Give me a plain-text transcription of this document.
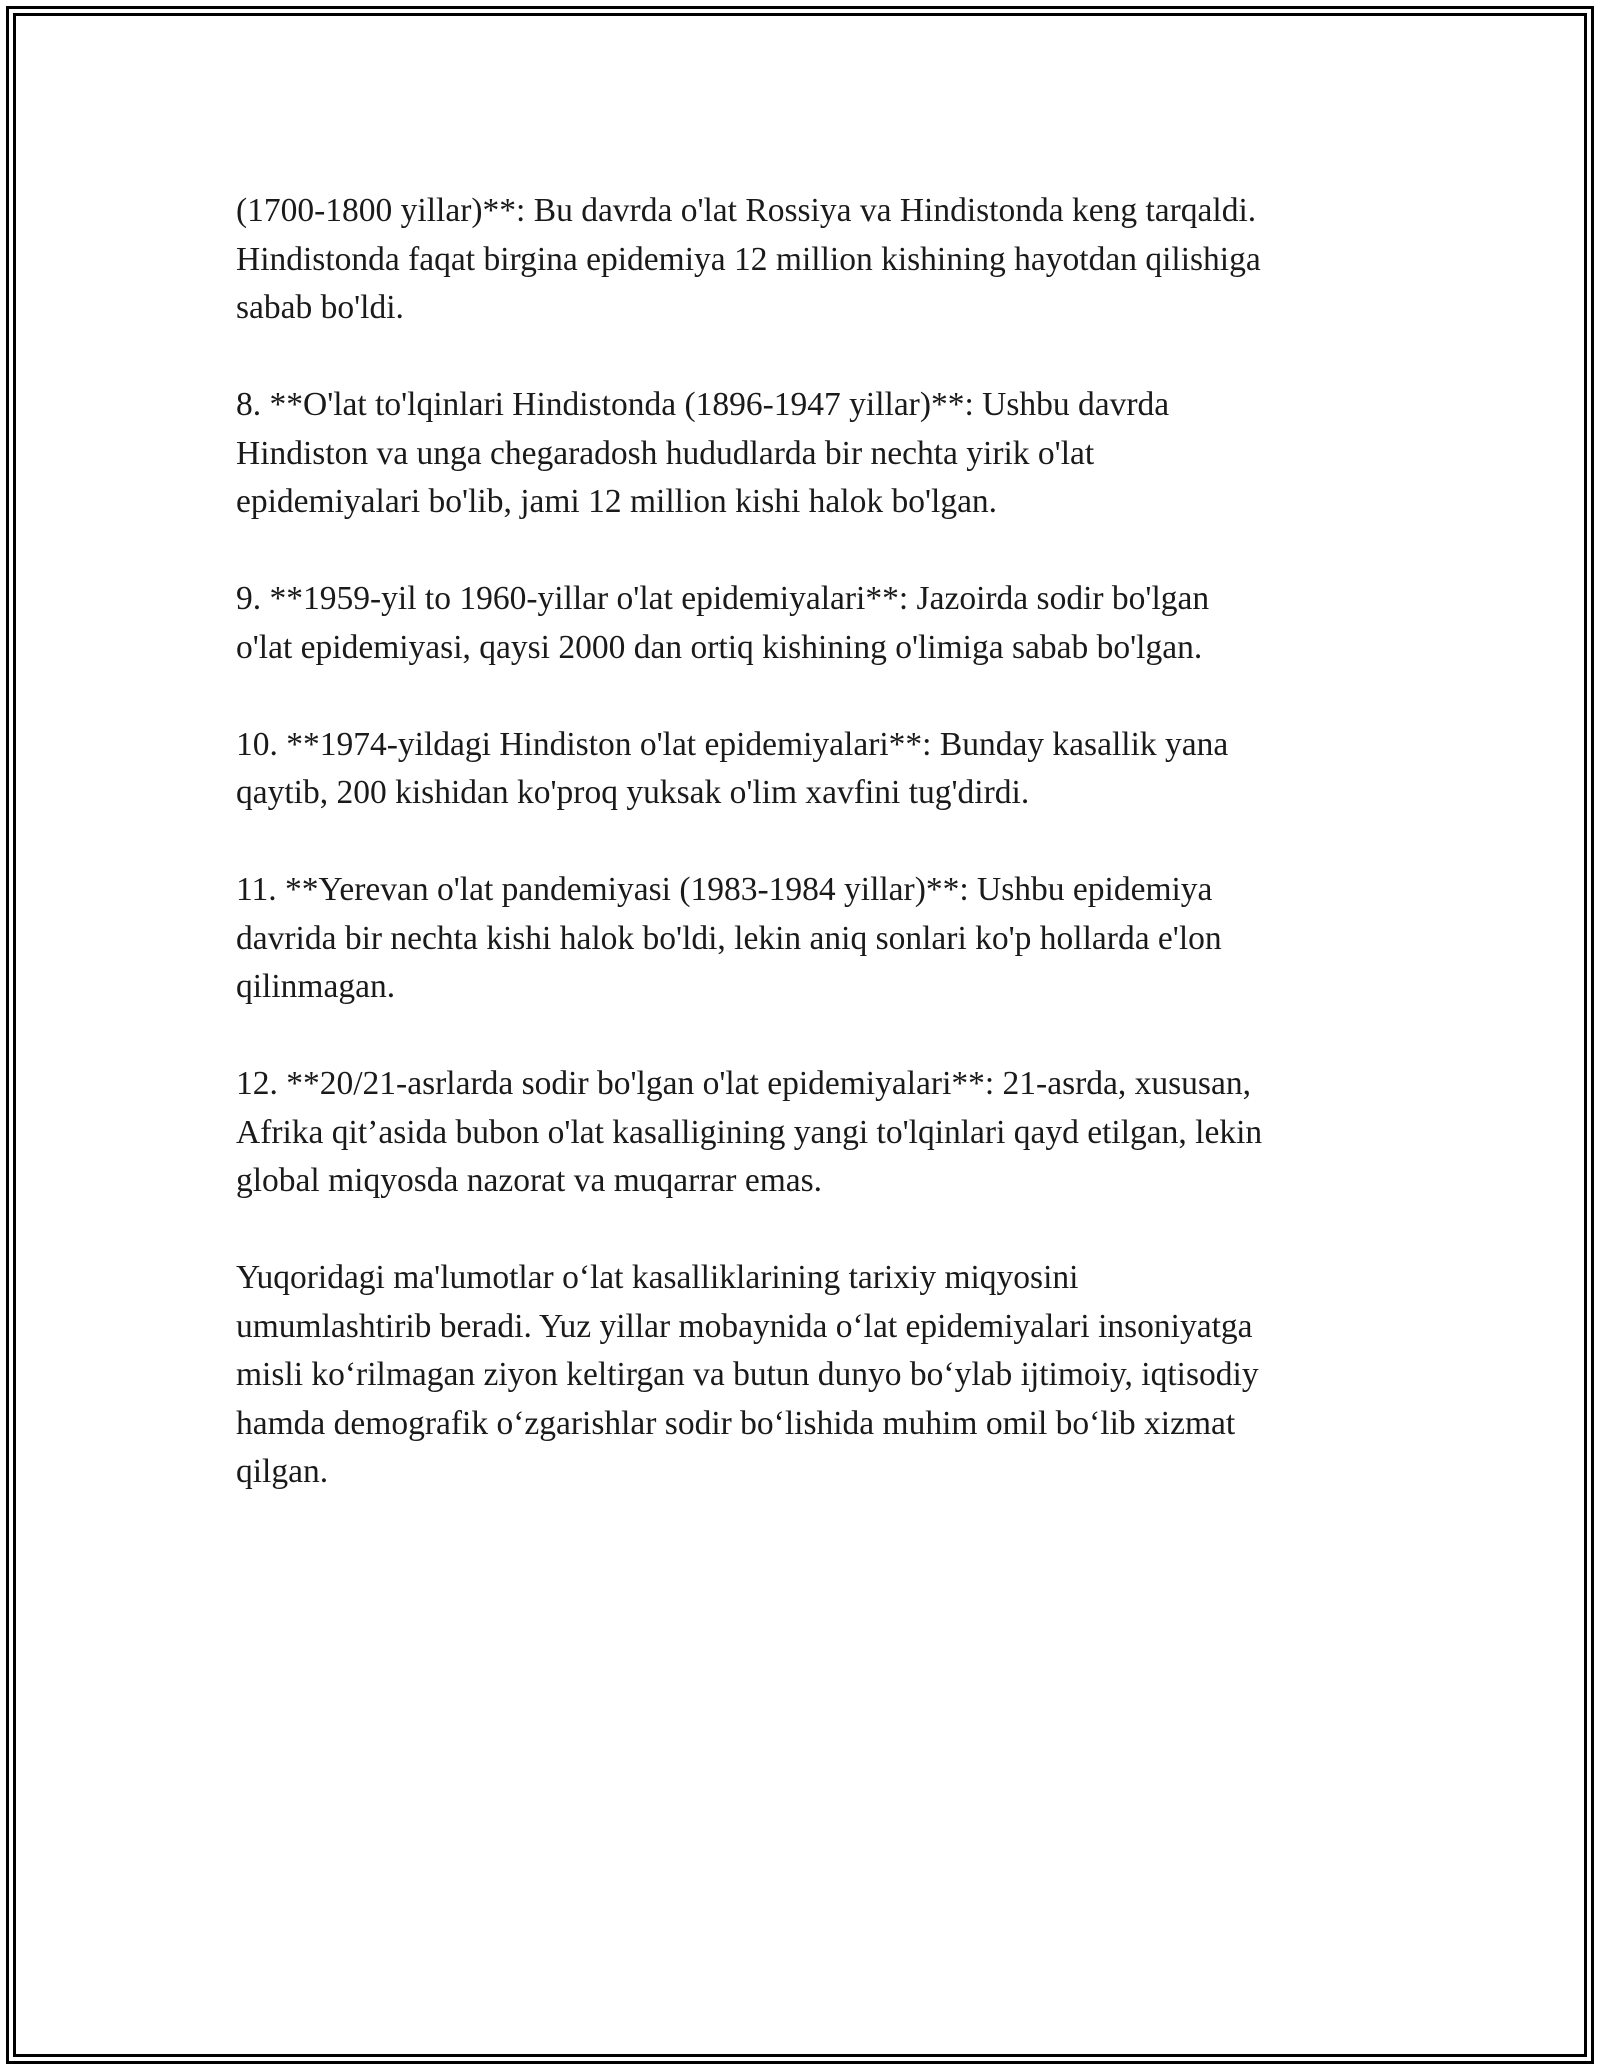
(1700-1800 yillar)**: Bu davrda o'lat Rossiya va Hindistonda keng tarqaldi.
Hindistonda faqat birgina epidemiya 12 million kishining hayotdan qilishiga
sabab bo'ldi.

8. **O'lat to'lqinlari Hindistonda (1896-1947 yillar)**: Ushbu davrda
Hindiston va unga chegaradosh hududlarda bir nechta yirik o'lat
epidemiyalari bo'lib, jami 12 million kishi halok bo'lgan.

9. **1959-yil to 1960-yillar o'lat epidemiyalari**: Jazoirda sodir bo'lgan
o'lat epidemiyasi, qaysi 2000 dan ortiq kishining o'limiga sabab bo'lgan.

10. **1974-yildagi Hindiston o'lat epidemiyalari**: Bunday kasallik yana
qaytib, 200 kishidan ko'proq yuksak o'lim xavfini tug'dirdi.

11. **Yerevan o'lat pandemiyasi (1983-1984 yillar)**: Ushbu epidemiya
davrida bir nechta kishi halok bo'ldi, lekin aniq sonlari ko'p hollarda e'lon
qilinmagan.

12. **20/21-asrlarda sodir bo'lgan o'lat epidemiyalari**: 21-asrda, xususan,
Afrika qit’asida bubon o'lat kasalligining yangi to'lqinlari qayd etilgan, lekin
global miqyosda nazorat va muqarrar emas.

Yuqoridagi ma'lumotlar o‘lat kasalliklarining tarixiy miqyosini
umumlashtirib beradi. Yuz yillar mobaynida o‘lat epidemiyalari insoniyatga
misli ko‘rilmagan ziyon keltirgan va butun dunyo bo‘ylab ijtimoiy, iqtisodiy
hamda demografik o‘zgarishlar sodir bo‘lishida muhim omil bo‘lib xizmat
qilgan.
